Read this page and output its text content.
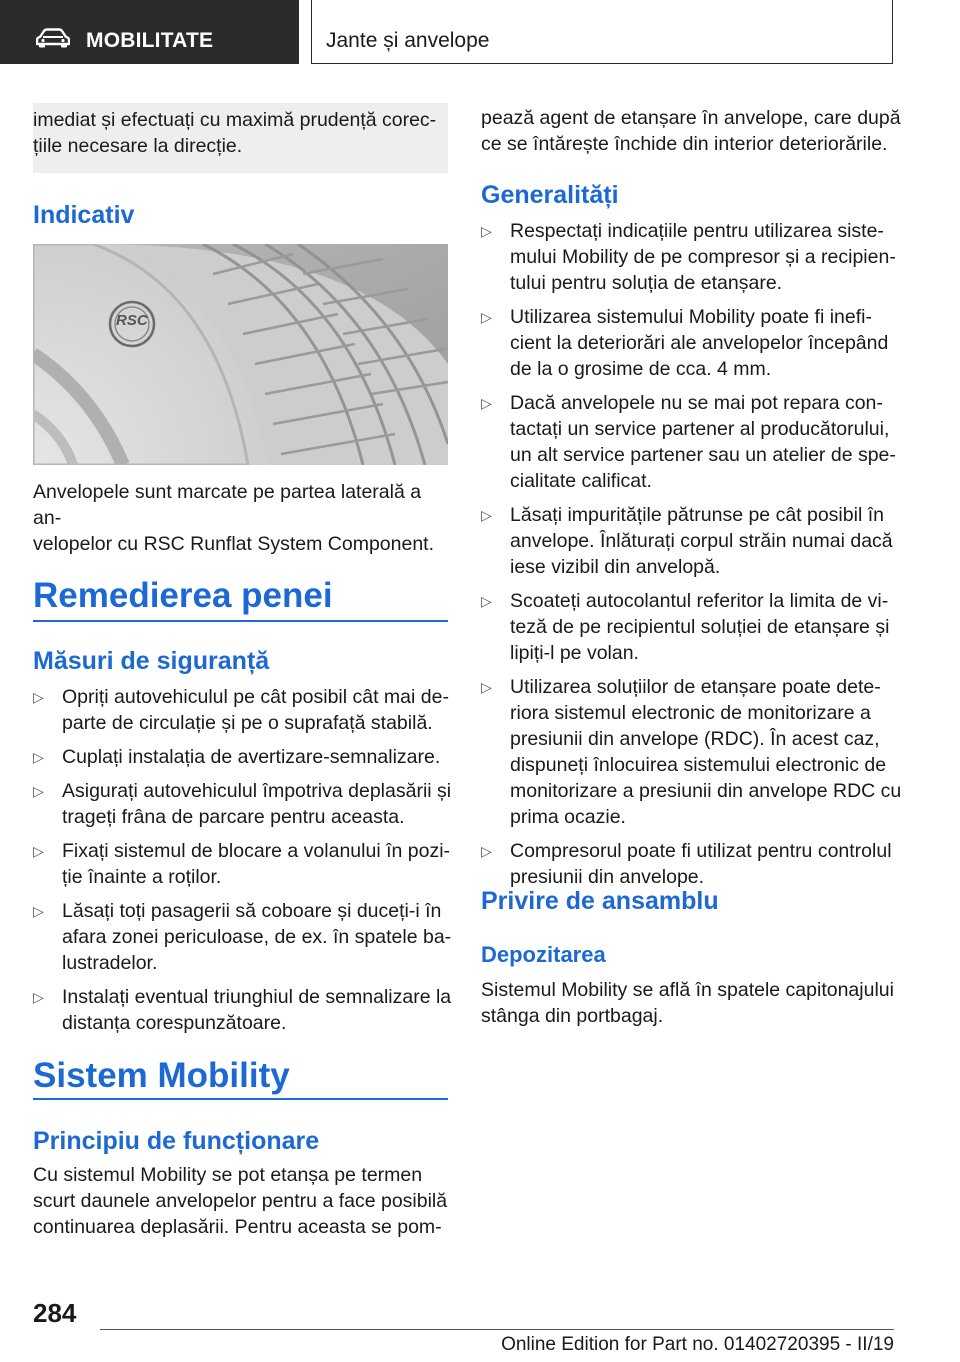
MOBILITATE	Jante și anvelope
imediat și efectuați cu maximă prudență corec-
țiile necesare la direcție.
Indicativ
RSC
Anvelopele sunt marcate pe partea laterală a an-
velopelor cu RSC Runflat System Component.
Remedierea penei
Măsuri de siguranță
▷ Opriți autovehiculul pe cât posibil cât mai de-
parte de circulație și pe o suprafață stabilă.
▷ Cuplați instalația de avertizare-semnalizare.
▷ Asigurați autovehiculul împotriva deplasării și
trageți frâna de parcare pentru aceasta.
▷ Fixați sistemul de blocare a volanului în pozi-
ție înainte a roților.
▷ Lăsați toți pasagerii să coboare și duceți-i în
afara zonei periculoase, de ex. în spatele ba-
lustradelor.
▷ Instalați eventual triunghiul de semnalizare la
distanța corespunzătoare.
Sistem Mobility
Principiu de funcționare
Cu sistemul Mobility se pot etanșa pe termen
scurt daunele anvelopelor pentru a face posibilă
continuarea deplasării. Pentru aceasta se pom-
pează agent de etanșare în anvelope, care după
ce se întărește închide din interior deteriorările.
Generalități
▷ Respectați indicațiile pentru utilizarea siste-
mului Mobility de pe compresor și a recipien-
tului pentru soluția de etanșare.
▷ Utilizarea sistemului Mobility poate fi inefi-
cient la deteriorări ale anvelopelor începând
de la o grosime de cca. 4 mm.
▷ Dacă anvelopele nu se mai pot repara con-
tactați un service partener al producătorului,
un alt service partener sau un atelier de spe-
cialitate calificat.
▷ Lăsați impuritățile pătrunse pe cât posibil în
anvelope. Înlăturați corpul străin numai dacă
iese vizibil din anvelopă.
▷ Scoateți autocolantul referitor la limita de vi-
teză de pe recipientul soluției de etanșare și
lipiți-l pe volan.
▷ Utilizarea soluțiilor de etanșare poate dete-
riora sistemul electronic de monitorizare a
presiunii din anvelope (RDC). În acest caz,
dispuneți înlocuirea sistemului electronic de
monitorizare a presiunii din anvelope RDC cu
prima ocazie.
▷ Compresorul poate fi utilizat pentru controlul
presiunii din anvelope.
Privire de ansamblu
Depozitarea
Sistemul Mobility se află în spatele capitonajului
stânga din portbagaj.
284
Online Edition for Part no. 01402720395 - II/19
